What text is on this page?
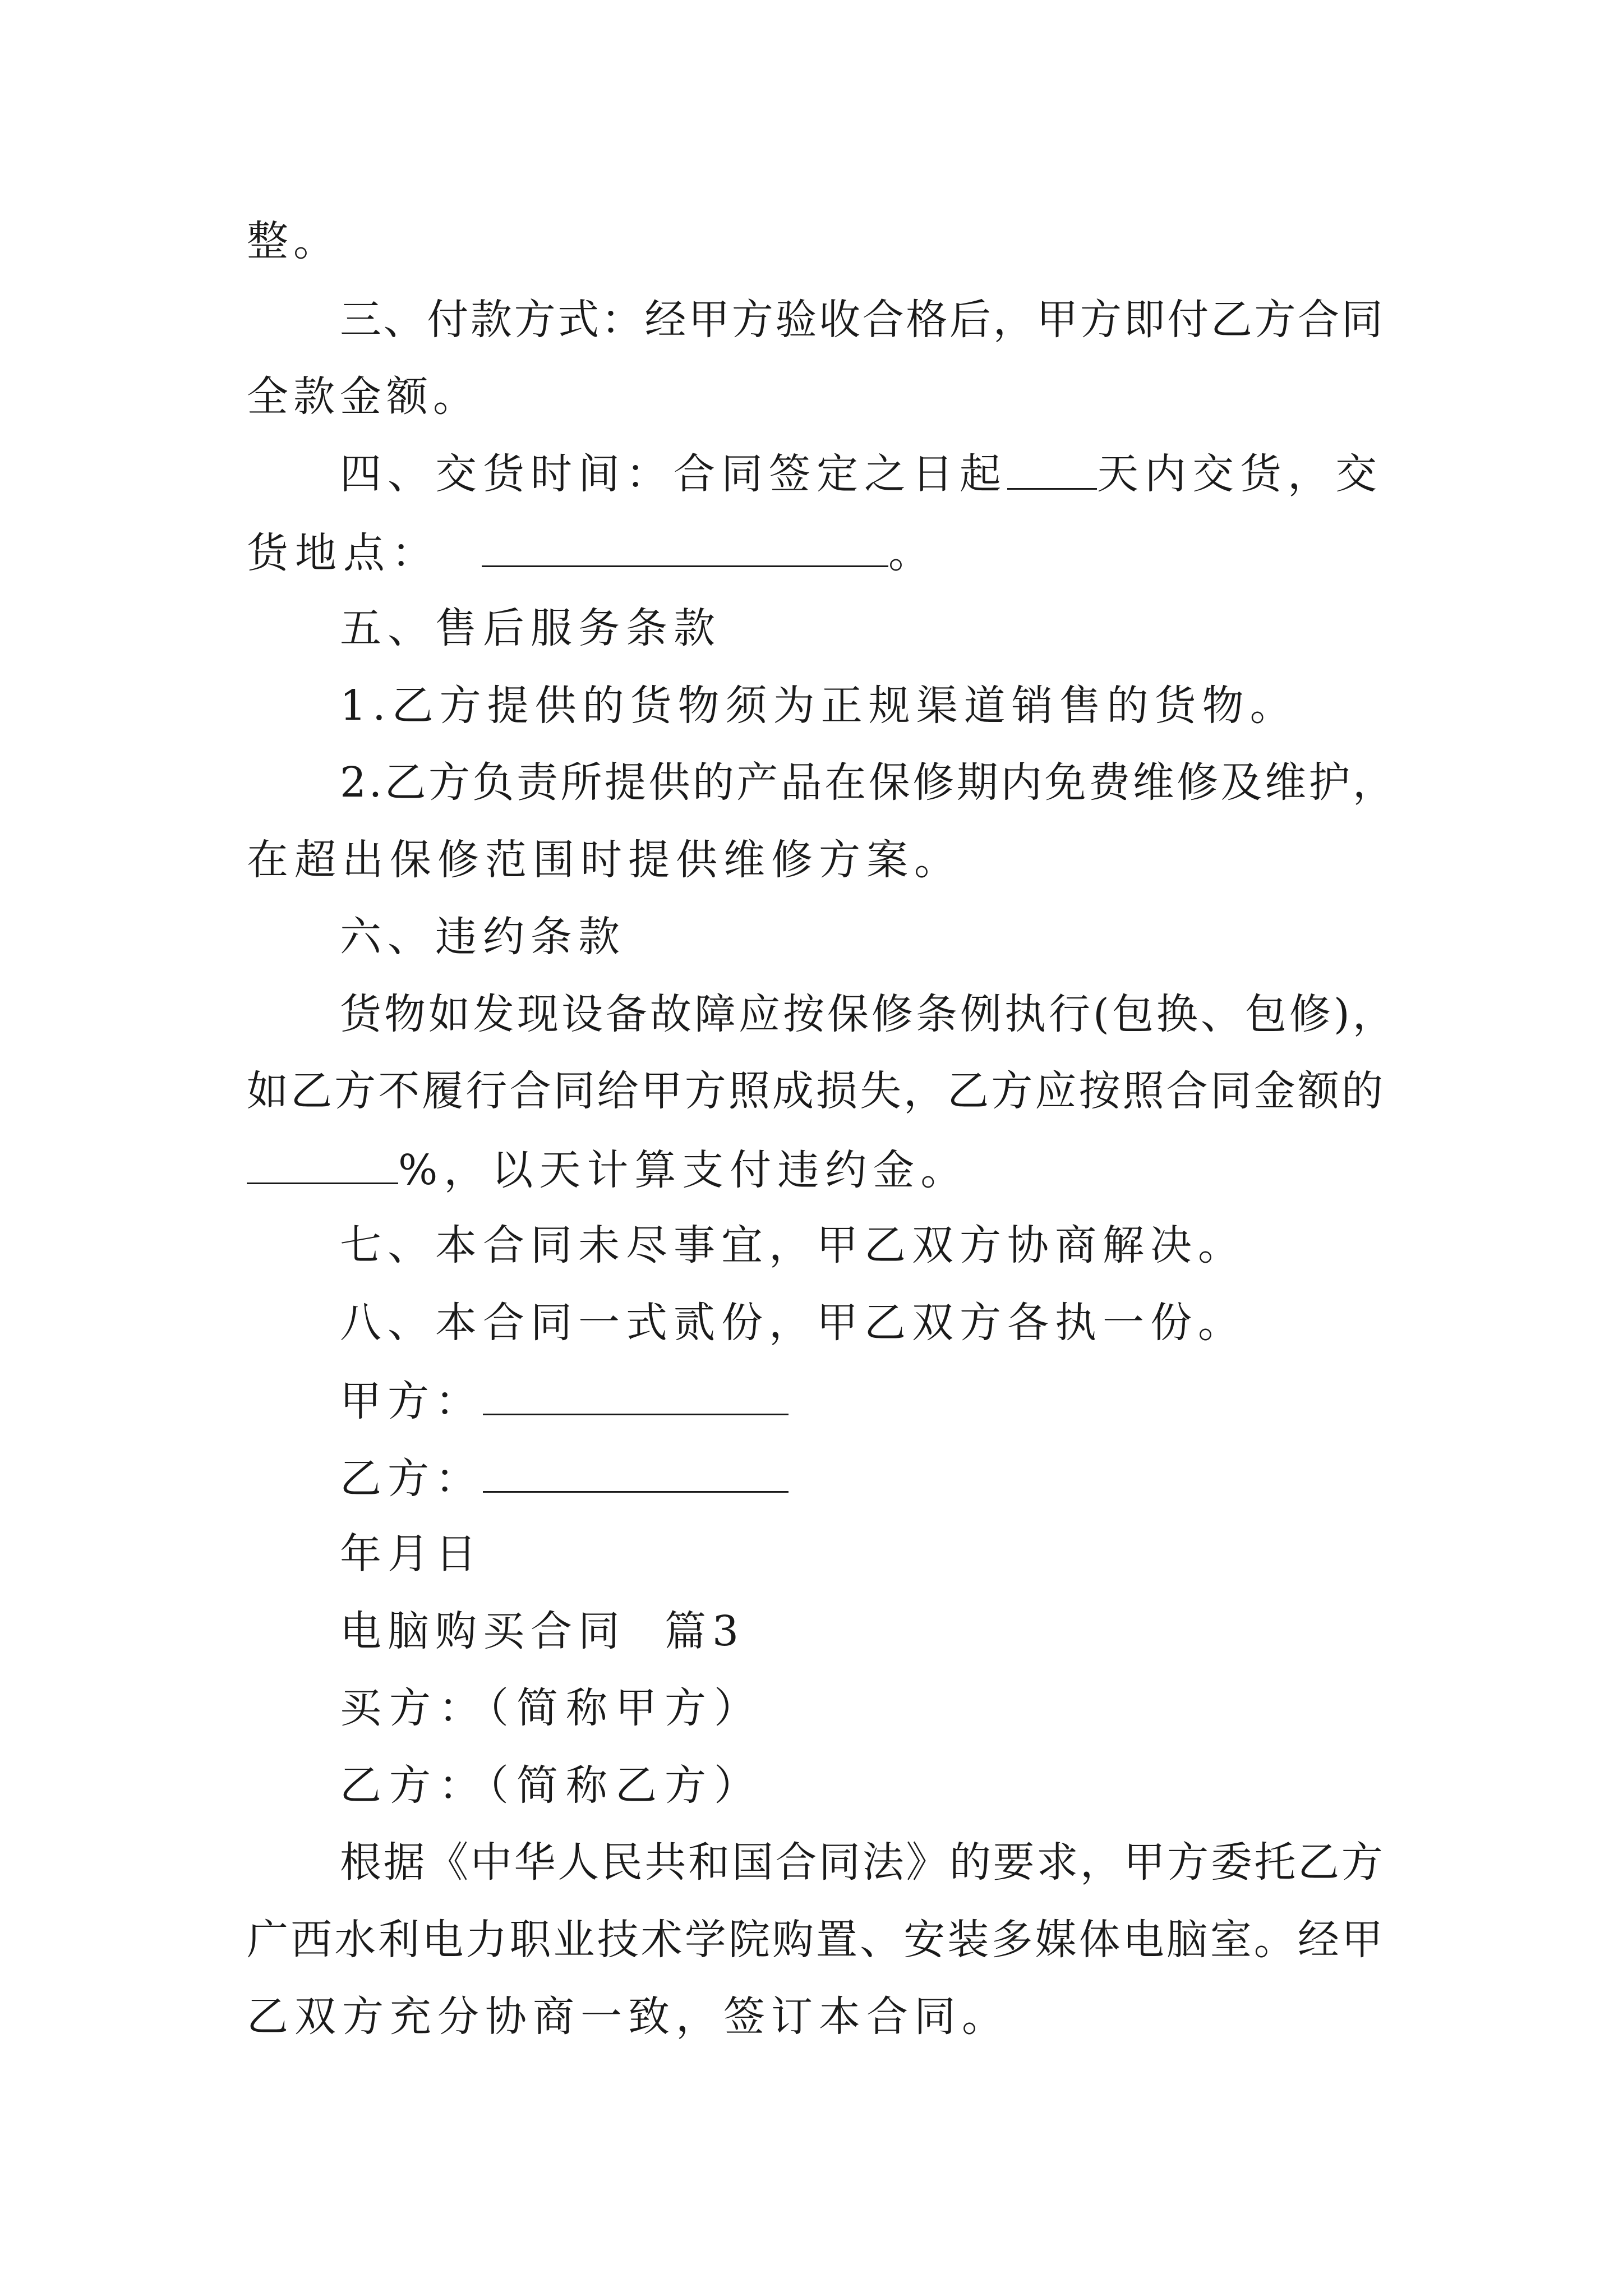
整。
三 、 付 款 方 式 ： 经 甲 方 验 收 合 格 后 ， 甲 方 即 付 乙 方 合 同
全款金额。
四、交货时间：合同签定之日起 天内交货，交
货地点：	。
五、售后服务条款
1.乙方提供的货物须为正规渠道销售的货物。
2 . 乙 方 负 责 所 提 供 的 产 品 在 保 修 期 内 免 费 维 修 及 维 护 ，
在超出保修范围时提供维修方案。
六、违约条款
货 物 如 发 现 设 备 故 障 应 按 保 修 条 例 执 行 ( 包 换 、 包 修 ) ，
如 乙 方 不 履 行 合 同 给 甲 方 照 成 损 失 ， 乙 方 应 按 照 合 同 金 额 的
%，以天计算支付违约金。
七、本合同未尽事宜，甲乙双方协商解决。
八、本合同一式贰份，甲乙双方各执一份。
甲方：
乙方：
年月日
电脑购买合同  篇3
买方：（简称甲方）
乙方：（简称乙方）
根 据 《 中 华 人 民 共 和 国 合 同 法 》 的 要 求 ， 甲 方 委 托 乙 方
广 西 水 利 电 力 职 业 技 术 学 院 购 置 、 安 装 多 媒 体 电 脑 室 。 经 甲
乙双方充分协商一致，签订本合同。
